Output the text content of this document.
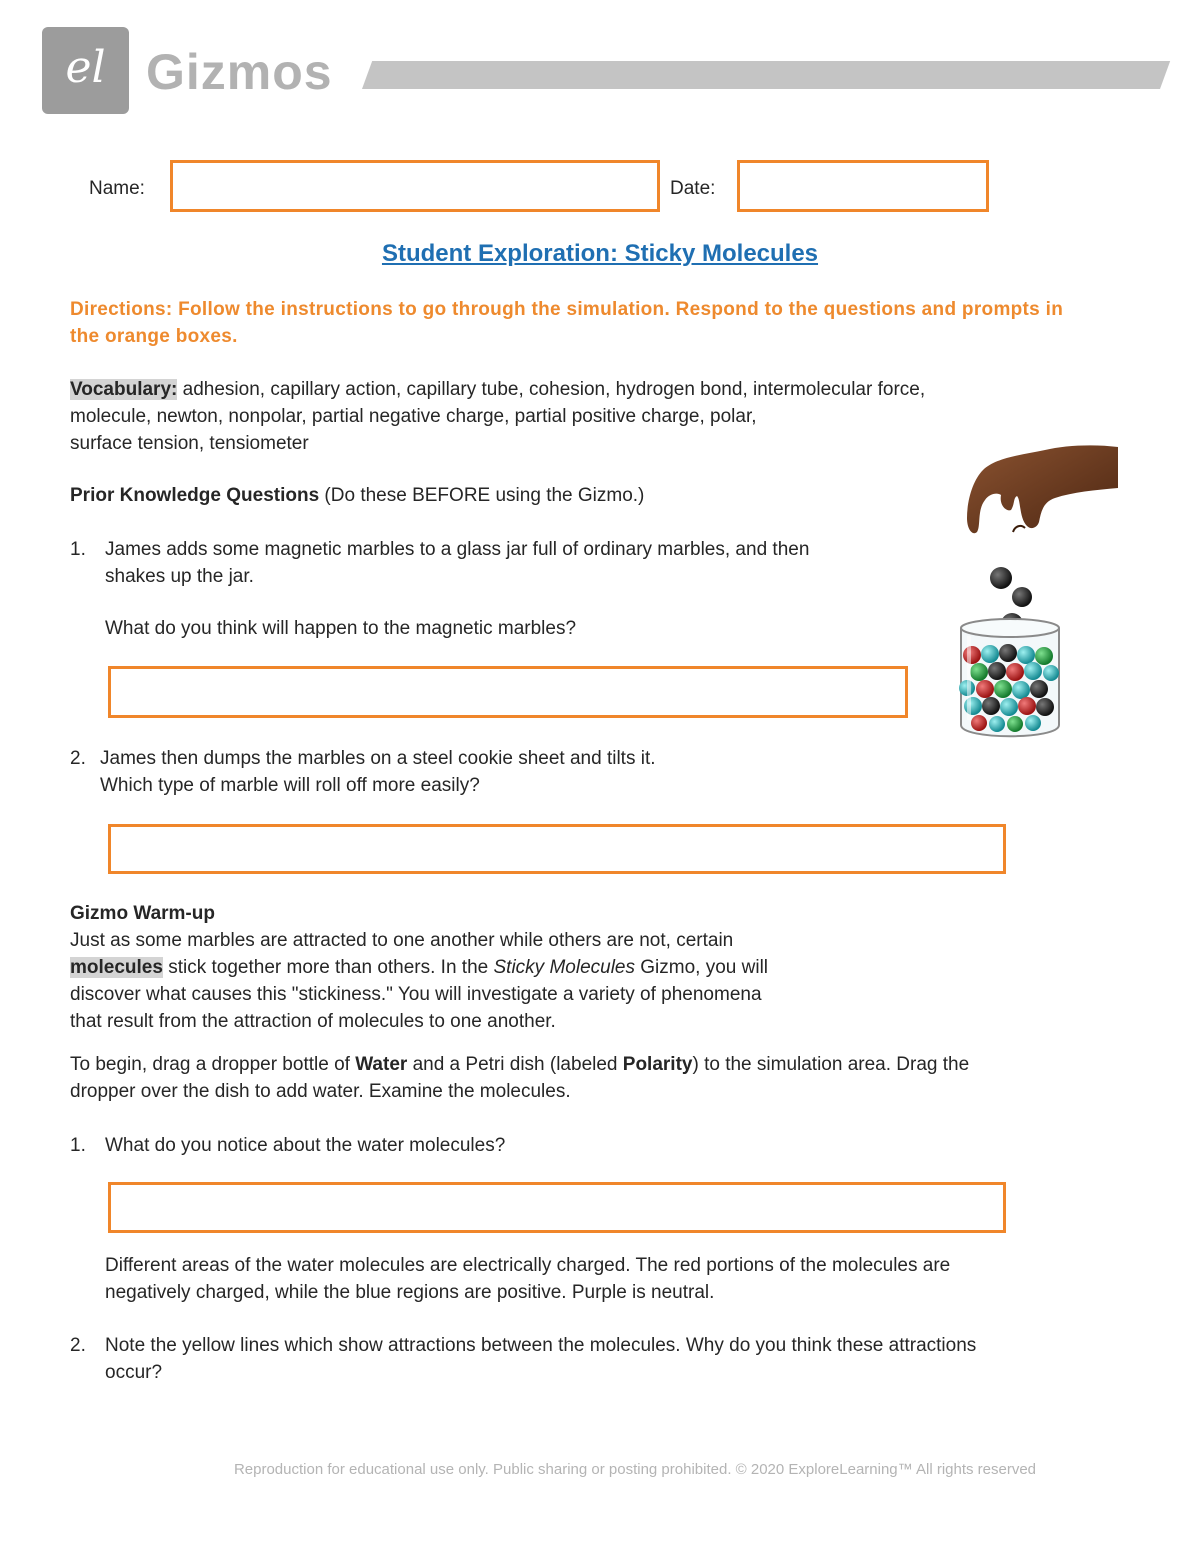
el Gizmos
Name:	Date:
Student Exploration: Sticky Molecules
Directions: Follow the instructions to go through the simulation. Respond to the questions and prompts in the orange boxes.
Vocabulary: adhesion, capillary action, capillary tube, cohesion, hydrogen bond, intermolecular force,
molecule, newton, nonpolar, partial negative charge, partial positive charge, polar,
surface tension, tensiometer
Prior Knowledge Questions (Do these BEFORE using the Gizmo.)
1. James adds some magnetic marbles to a glass jar full of ordinary marbles, and then
shakes up the jar.
What do you think will happen to the magnetic marbles?
2. James then dumps the marbles on a steel cookie sheet and tilts it.
Which type of marble will roll off more easily?
Gizmo Warm-up
Just as some marbles are attracted to one another while others are not, certain
molecules stick together more than others. In the Sticky Molecules Gizmo, you will
discover what causes this "stickiness." You will investigate a variety of phenomena
that result from the attraction of molecules to one another.
To begin, drag a dropper bottle of Water and a Petri dish (labeled Polarity) to the simulation area. Drag the
dropper over the dish to add water. Examine the molecules.
1. What do you notice about the water molecules?
Different areas of the water molecules are electrically charged. The red portions of the molecules are
negatively charged, while the blue regions are positive. Purple is neutral.
2. Note the yellow lines which show attractions between the molecules. Why do you think these attractions
occur?
Reproduction for educational use only. Public sharing or posting prohibited. © 2020 ExploreLearning™ All rights reserved
